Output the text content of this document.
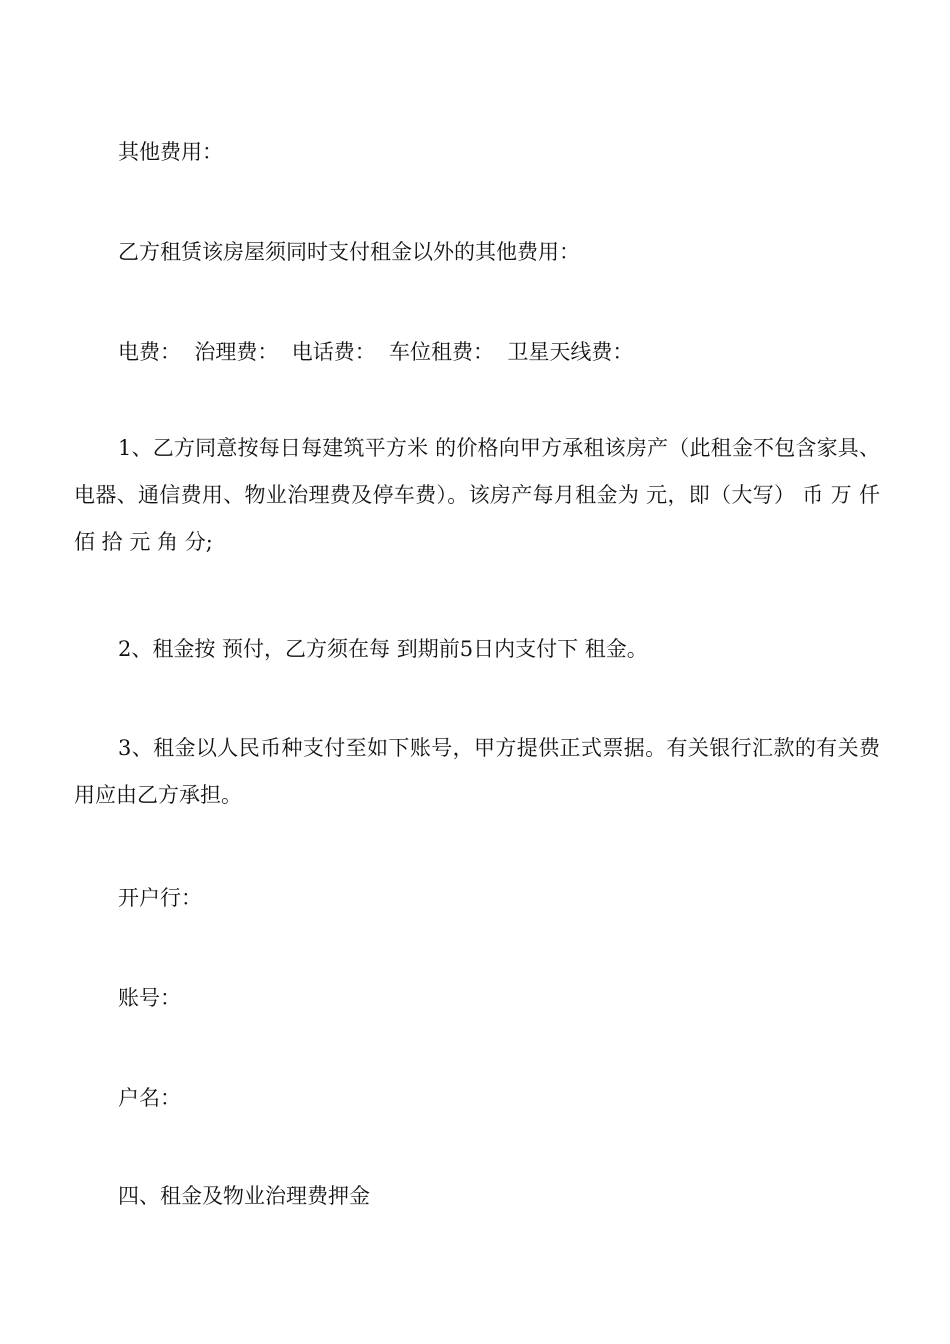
其他费用：

乙方租赁该房屋须同时支付租金以外的其他费用：

电费：  治理费：  电话费：  车位租费：  卫星天线费：

1、乙方同意按每日每建筑平方米 的价格向甲方承租该房产（此租金不包含家具、电器、通信费用、物业治理费及停车费）。该房产每月租金为 元，即（大写） 币 万 仟 佰 拾 元 角 分;

2、租金按 预付，乙方须在每 到期前5日内支付下 租金。

3、租金以人民币种支付至如下账号，甲方提供正式票据。有关银行汇款的有关费用应由乙方承担。

开户行：

账号：

户名：

四、租金及物业治理费押金
